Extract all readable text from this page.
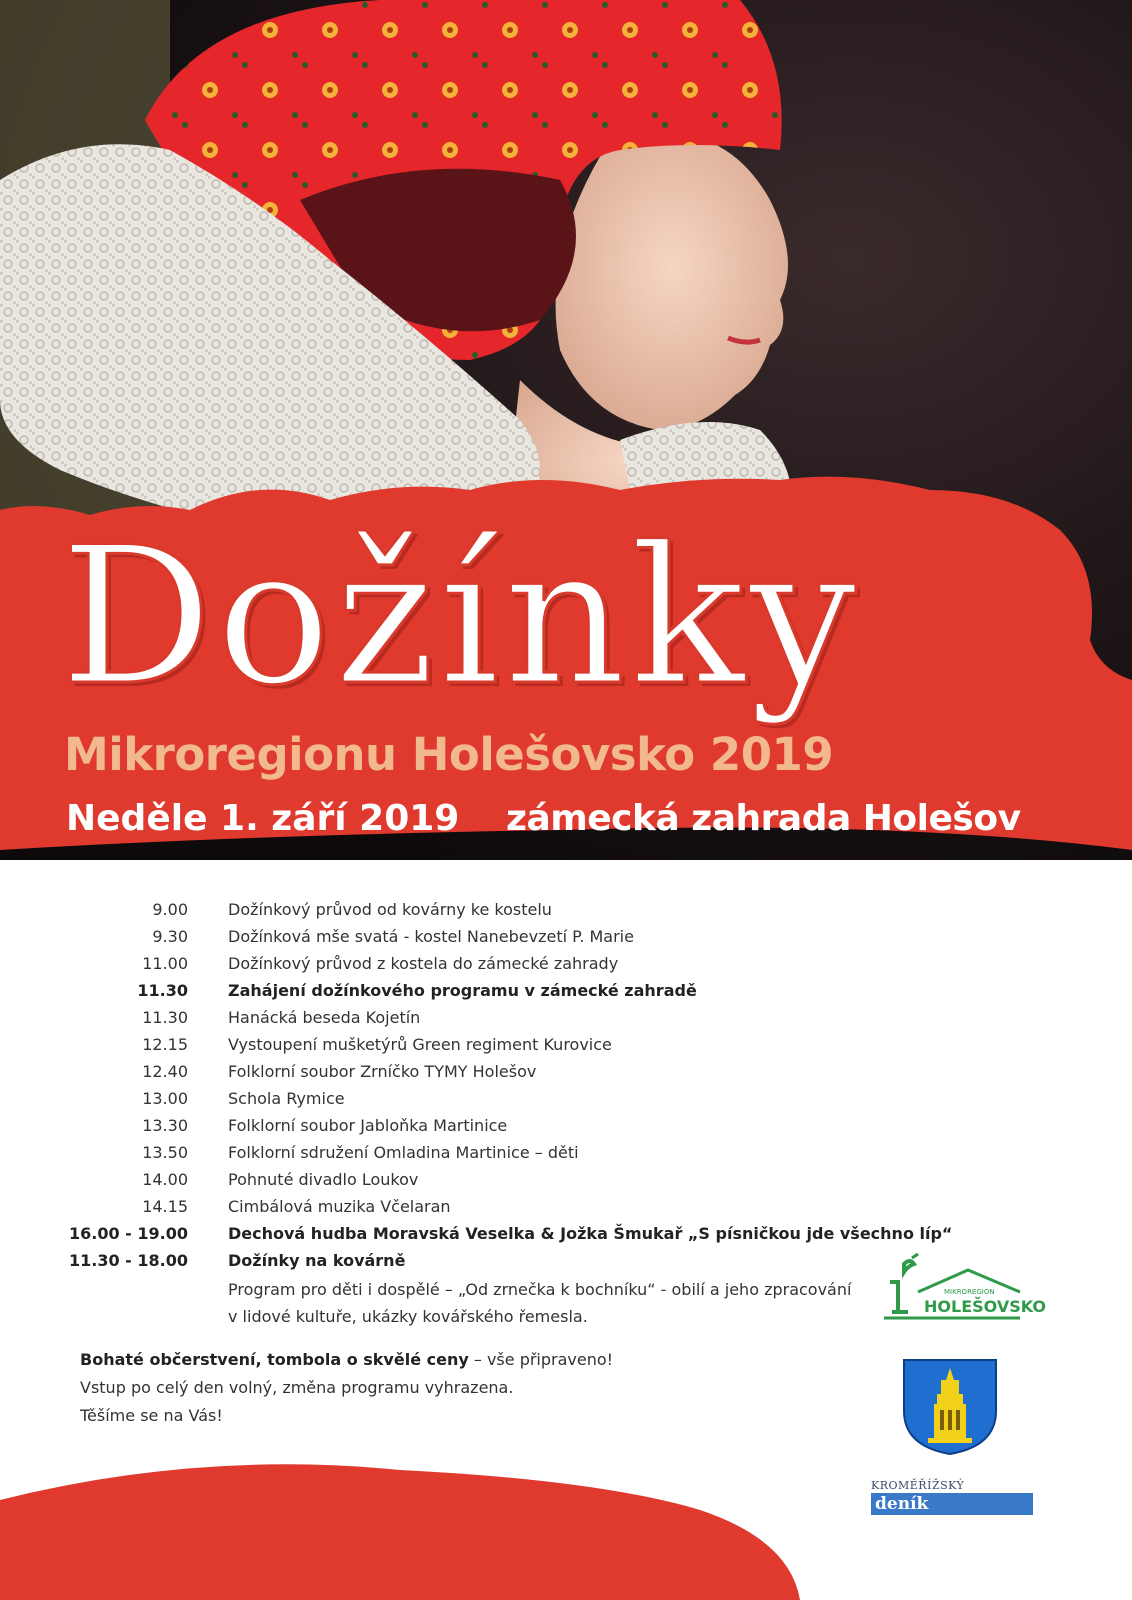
Dožínky
Mikroregionu Holešovsko 2019
Neděle 1. září 2019 zámecká zahrada Holešov
9.00	Dožínkový průvod od kovárny ke kostelu
9.30	Dožínková mše svatá - kostel Nanebevzetí P. Marie
11.00	Dožínkový průvod z kostela do zámecké zahrady
11.30	Zahájení dožínkového programu v zámecké zahradě
11.30	Hanácká beseda Kojetín
12.15	Vystoupení mušketýrů Green regiment Kurovice
12.40	Folklorní soubor Zrníčko TYMY Holešov
13.00	Schola Rymice
13.30	Folklorní soubor Jabloňka Martinice
13.50	Folklorní sdružení Omladina Martinice – děti
14.00	Pohnuté divadlo Loukov
14.15	Cimbálová muzika Včelaran
16.00 - 19.00	Dechová hudba Moravská Veselka & Jožka Šmukař „S písničkou jde všechno líp“
11.30 - 18.00	Dožínky na kovárně
Program pro děti i dospělé – „Od zrnečka k bochníku“ - obilí a jeho zpracování
v lidové kultuře, ukázky kovářského řemesla.
Bohaté občerstvení, tombola o skvělé ceny – vše připraveno!
Vstup po celý den volný, změna programu vyhrazena.
Těšíme se na Vás!
MIKROREGION
HOLEŠOVSKO
KROMĚŘÍŽSKÝ
deník
